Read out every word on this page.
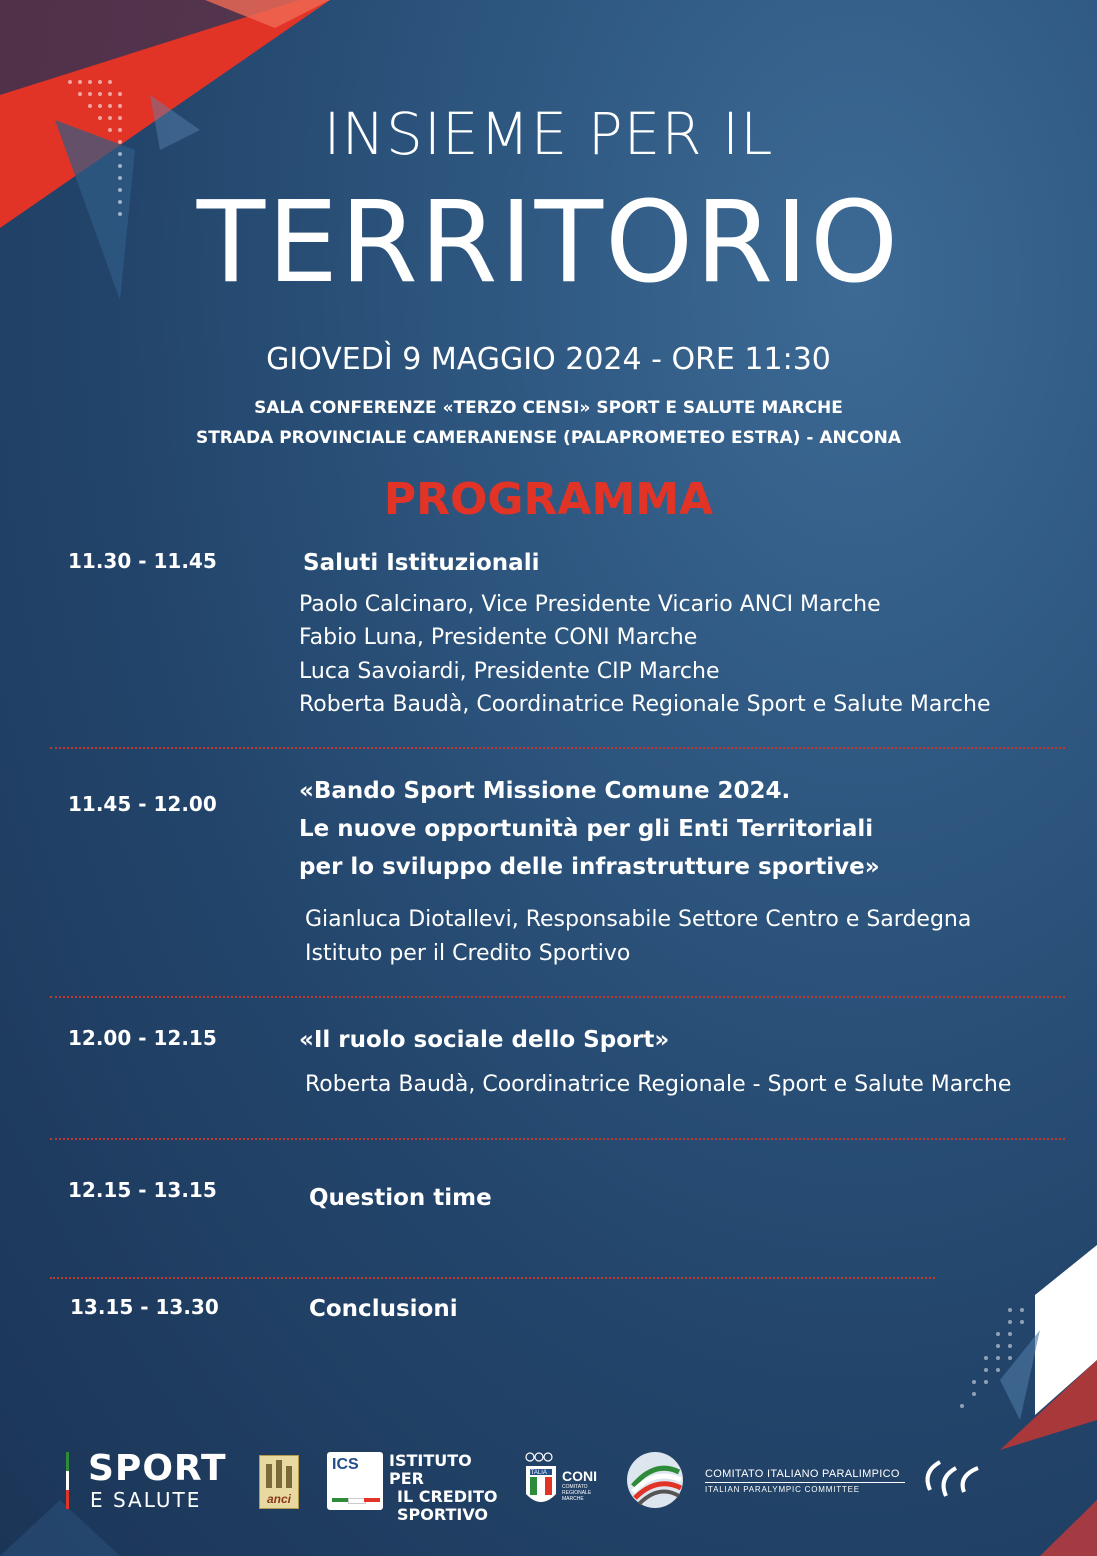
INSIEME PER IL
TERRITORIO
GIOVEDÌ 9 MAGGIO 2024 - ORE 11:30
SALA CONFERENZE «TERZO CENSI» SPORT E SALUTE MARCHE
STRADA PROVINCIALE CAMERANENSE (PALAPROMETEO ESTRA) - ANCONA
PROGRAMMA
11.30 - 11.45	Saluti Istituzionali
Paolo Calcinaro, Vice Presidente Vicario ANCI Marche
Fabio Luna, Presidente CONI Marche
Luca Savoiardi, Presidente CIP Marche
Roberta Baudà, Coordinatrice Regionale Sport e Salute Marche
11.45 - 12.00	«Bando Sport Missione Comune 2024.
Le nuove opportunità per gli Enti Territoriali
per lo sviluppo delle infrastrutture sportive»
Gianluca Diotallevi, Responsabile Settore Centro e Sardegna
Istituto per il Credito Sportivo
12.00 - 12.15	«Il ruolo sociale dello Sport»
Roberta Baudà, Coordinatrice Regionale - Sport e Salute Marche
12.15 - 13.15	Question time
13.15 - 13.30	Conclusioni
SPORT
E SALUTE	anci
ICS ISTITUTO PER
IL CREDITO
SPORTIVO
ITALIA CONI
COMITATO
REGIONALE
MARCHE
COMITATO ITALIANO PARALIMPICO
ITALIAN PARALYMPIC COMMITTEE
